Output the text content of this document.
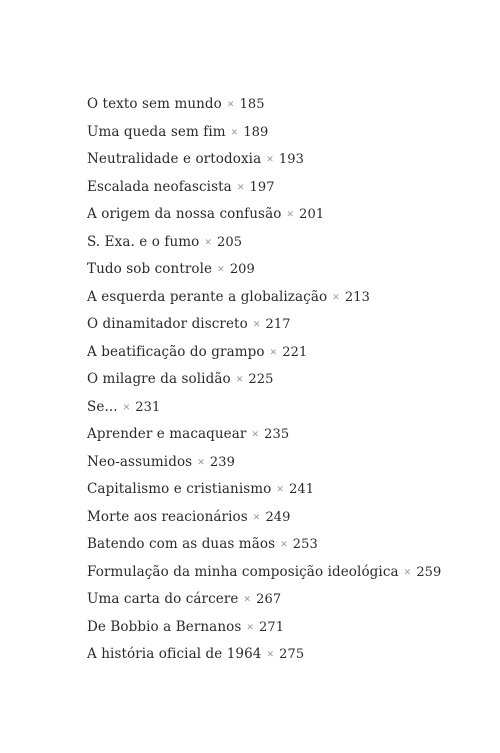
O texto sem mundo ✕ 185
Uma queda sem fim ✕ 189
Neutralidade e ortodoxia ✕ 193
Escalada neofascista ✕ 197
A origem da nossa confusão ✕ 201
S. Exa. e o fumo ✕ 205
Tudo sob controle ✕ 209
A esquerda perante a globalização ✕ 213
O dinamitador discreto ✕ 217
A beatificação do grampo ✕ 221
O milagre da solidão ✕ 225
Se... ✕ 231
Aprender e macaquear ✕ 235
Neo-assumidos ✕ 239
Capitalismo e cristianismo ✕ 241
Morte aos reacionários ✕ 249
Batendo com as duas mãos ✕ 253
Formulação da minha composição ideológica ✕ 259
Uma carta do cárcere ✕ 267
De Bobbio a Bernanos ✕ 271
A história oficial de 1964 ✕ 275
